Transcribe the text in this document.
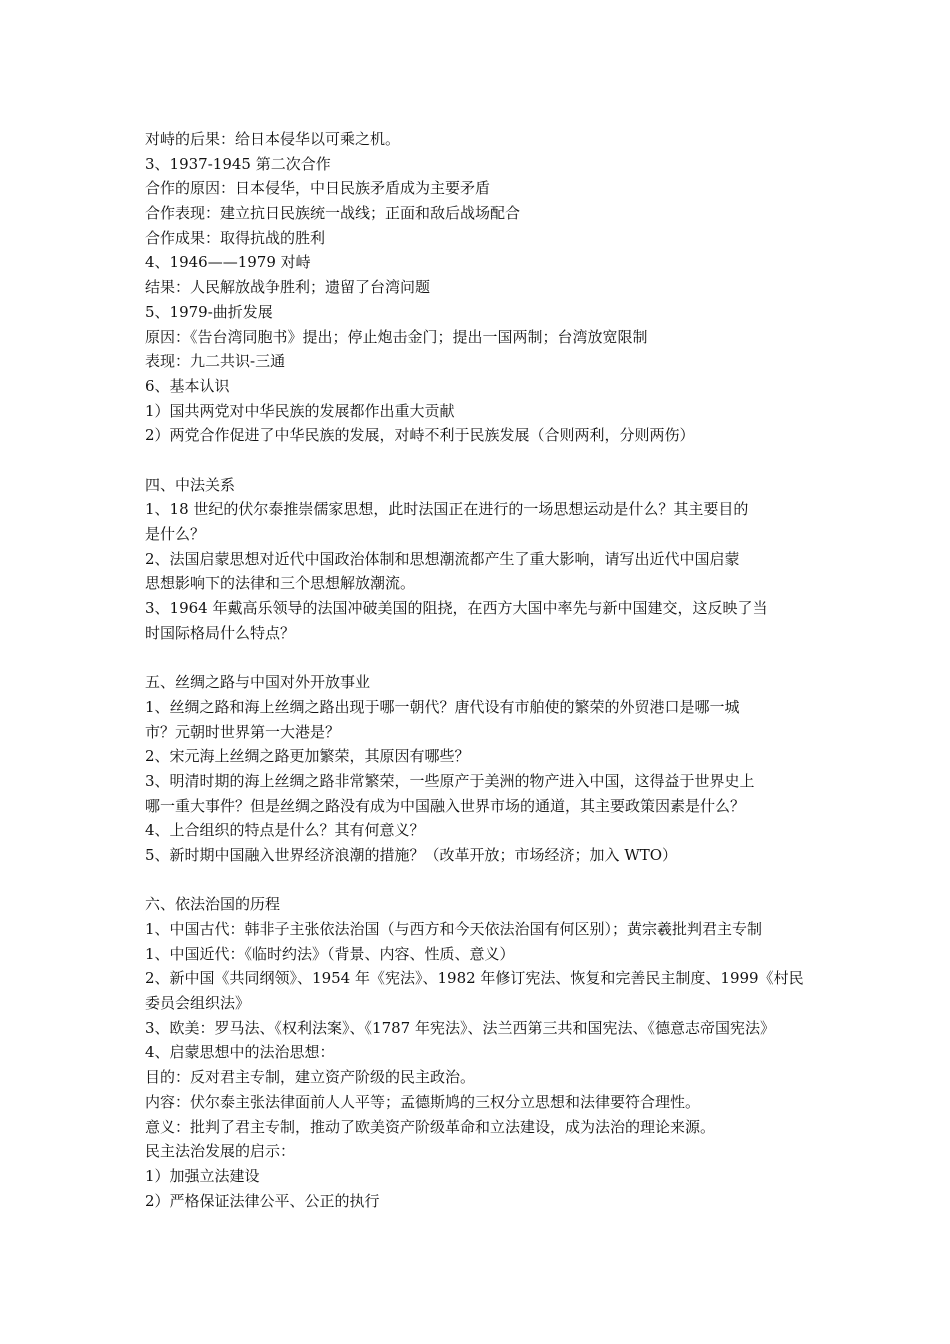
对峙的后果：给日本侵华以可乘之机。
3、1937-1945 第二次合作
合作的原因：日本侵华，中日民族矛盾成为主要矛盾
合作表现：建立抗日民族统一战线；正面和敌后战场配合
合作成果：取得抗战的胜利
4、1946——1979 对峙
结果：人民解放战争胜利；遗留了台湾问题
5、1979-曲折发展
原因：《告台湾同胞书》提出；停止炮击金门；提出一国两制；台湾放宽限制
表现：九二共识-三通
6、基本认识
1）国共两党对中华民族的发展都作出重大贡献
2）两党合作促进了中华民族的发展，对峙不利于民族发展（合则两利，分则两伤）
四、中法关系
1、18 世纪的伏尔泰推崇儒家思想，此时法国正在进行的一场思想运动是什么？其主要目的
是什么？
2、法国启蒙思想对近代中国政治体制和思想潮流都产生了重大影响，请写出近代中国启蒙
思想影响下的法律和三个思想解放潮流。
3、1964 年戴高乐领导的法国冲破美国的阻挠，在西方大国中率先与新中国建交，这反映了当
时国际格局什么特点？
五、丝绸之路与中国对外开放事业
1、丝绸之路和海上丝绸之路出现于哪一朝代？唐代设有市舶使的繁荣的外贸港口是哪一城
市？元朝时世界第一大港是？
2、宋元海上丝绸之路更加繁荣，其原因有哪些？
3、明清时期的海上丝绸之路非常繁荣，一些原产于美洲的物产进入中国，这得益于世界史上
哪一重大事件？但是丝绸之路没有成为中国融入世界市场的通道，其主要政策因素是什么？
4、上合组织的特点是什么？其有何意义？
5、新时期中国融入世界经济浪潮的措施？（改革开放；市场经济；加入 WTO）
六、依法治国的历程
1、中国古代：韩非子主张依法治国（与西方和今天依法治国有何区别）；黄宗羲批判君主专制
1、中国近代：《临时约法》（背景、内容、性质、意义）
2、新中国《共同纲领》、1954 年《宪法》、1982 年修订宪法、恢复和完善民主制度、1999《村民
委员会组织法》
3、欧美：罗马法、《权利法案》、《1787 年宪法》、法兰西第三共和国宪法、《德意志帝国宪法》
4、启蒙思想中的法治思想：
目的：反对君主专制，建立资产阶级的民主政治。
内容：伏尔泰主张法律面前人人平等；孟德斯鸠的三权分立思想和法律要符合理性。
意义：批判了君主专制，推动了欧美资产阶级革命和立法建设，成为法治的理论来源。
民主法治发展的启示：
1）加强立法建设
2）严格保证法律公平、公正的执行
